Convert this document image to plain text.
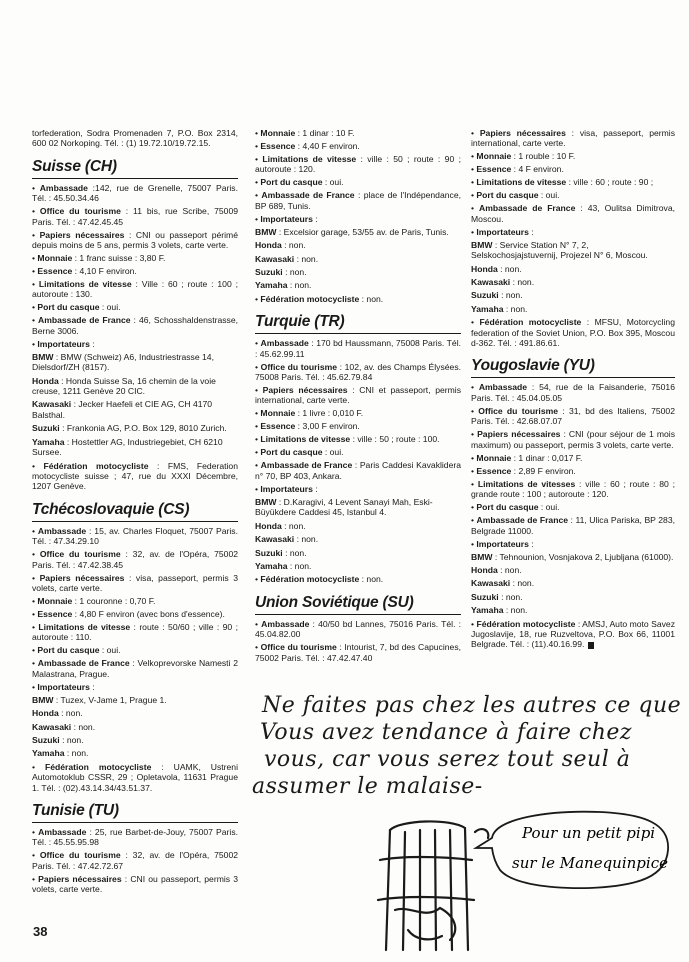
torfederation, Sodra Promenaden 7, P.O. Box 2314, 600 02 Norkoping. Tél. : (1) 19.72.10/19.72.15.

Suisse (CH)

• Ambassade :142, rue de Grenelle, 75007 Paris. Tél. : 45.50.34.46

• Office du tourisme : 11 bis, rue Scribe, 75009 Paris. Tél. : 47.42.45.45

• Papiers nécessaires : CNI ou passeport périmé depuis moins de 5 ans, permis 3 volets, carte verte.

• Monnaie : 1 franc suisse : 3,80 F.

• Essence : 4,10 F environ.

• Limitations de vitesse : Ville : 60 ; route : 100 ; autoroute : 130.

• Port du casque : oui.

• Ambassade de France : 46, Schosshaldenstrasse, Berne 3006.

• Importateurs :

BMW : BMW (Schweiz) A6, Industriestrasse 14, Dielsdorf/ZH (8157).

Honda : Honda Suisse Sa, 16 chemin de la voie creuse, 1211 Genève 20 CIC.

Kawasaki : Jecker Haefeli et CIE AG, CH 4170 Balsthal.

Suzuki : Frankonia AG, P.O. Box 129, 8010 Zurich.

Yamaha : Hostettler AG, Industriegebiet, CH 6210 Sursee.

• Fédération motocycliste : FMS, Federation motocycliste suisse ; 47, rue du XXXI Décembre, 1207 Genève.

Tchécoslovaquie (CS)

• Ambassade : 15, av. Charles Floquet, 75007 Paris. Tél. : 47.34.29.10

• Office du tourisme : 32, av. de l'Opéra, 75002 Paris. Tél. : 47.42.38.45

• Papiers nécessaires : visa, passeport, permis 3 volets, carte verte.

• Monnaie : 1 couronne : 0,70 F.

• Essence : 4,80 F environ (avec bons d'essence).

• Limitations de vitesse : route : 50/60 ; ville : 90 ; autoroute : 110.

• Port du casque : oui.

• Ambassade de France : Velkoprevorske Namesti 2 Malastrana, Prague.

• Importateurs :

BMW : Tuzex, V-Jame 1, Prague 1.

Honda : non.

Kawasaki : non.

Suzuki : non.

Yamaha : non.

• Fédération motocycliste : UAMK, Ustreni Automotoklub CSSR, 29 ; Opletavola, 11631 Prague 1. Tél. : (02).43.14.34/43.51.37.

Tunisie (TU)

• Ambassade : 25, rue Barbet-de-Jouy, 75007 Paris. Tél. : 45.55.95.98

• Office du tourisme : 32, av. de l'Opéra, 75002 Paris. Tél. : 47.42.72.67

• Papiers nécessaires : CNI ou passeport, permis 3 volets, carte verte.

• Monnaie : 1 dinar : 10 F.

• Essence : 4,40 F environ.

• Limitations de vitesse : ville : 50 ; route : 90 ; autoroute : 120.

• Port du casque : oui.

• Ambassade de France : place de l'Indépendance, BP 689, Tunis.

• Importateurs :

BMW : Excelsior garage, 53/55 av. de Paris, Tunis.

Honda : non.

Kawasaki : non.

Suzuki : non.

Yamaha : non.

• Fédération motocycliste : non.

Turquie (TR)

• Ambassade : 170 bd Haussmann, 75008 Paris. Tél. : 45.62.99.11

• Office du tourisme : 102, av. des Champs Élysées. 75008 Paris. Tél. : 45.62.79.84

• Papiers nécessaires : CNI et passeport, permis international, carte verte.

• Monnaie : 1 livre : 0,010 F.

• Essence : 3,00 F environ.

• Limitations de vitesse : ville : 50 ; route : 100.

• Port du casque : oui.

• Ambassade de France : Paris Caddesi Kavaklidera n° 70, BP 403, Ankara.

• Importateurs :

BMW : D.Karagivi, 4 Levent Sanayi Mah, Eski-Büyükdere Caddesi 45, Istanbul 4.

Honda : non.

Kawasaki : non.

Suzuki : non.

Yamaha : non.

• Fédération motocycliste : non.

Union Soviétique (SU)

• Ambassade : 40/50 bd Lannes, 75016 Paris. Tél. : 45.04.82.00

• Office du tourisme : Intourist, 7, bd des Capucines, 75002 Paris. Tél. : 47.42.47.40

• Papiers nécessaires : visa, passeport, permis international, carte verte.

• Monnaie : 1 rouble : 10 F.

• Essence : 4 F environ.

• Limitations de vitesse : ville : 60 ; route : 90 ;

• Port du casque : oui.

• Ambassade de France : 43, Oulitsa Dimitrova, Moscou.

• Importateurs :

BMW : Service Station N° 7, 2, Selskochosjajstuvernij, Projezel N° 6, Moscou.

Honda : non.

Kawasaki : non.

Suzuki : non.

Yamaha : non.

• Fédération motocycliste : MFSU, Motorcycling federation of the Soviet Union, P.O. Box 395, Moscou d-362. Tél. : 491.86.61.

Yougoslavie (YU)

• Ambassade : 54, rue de la Faisanderie, 75016 Paris. Tél. : 45.04.05.05

• Office du tourisme : 31, bd des Italiens, 75002 Paris. Tél. : 42.68.07.07

• Papiers nécessaires : CNI (pour séjour de 1 mois maximum) ou passeport, permis 3 volets, carte verte.

• Monnaie : 1 dinar : 0,017 F.

• Essence : 2,89 F environ.

• Limitations de vitesses : ville : 60 ; route : 80 ; grande route : 100 ; autoroute : 120.

• Port du casque : oui.

• Ambassade de France : 11, Ulica Pariska, BP 283, Belgrade 11000.

• Importateurs :

BMW : Tehnounion, Vosnjakova 2, Ljubljana (61000).

Honda : non.

Kawasaki : non.

Suzuki : non.

Yamaha : non.

• Fédération motocycliste : AMSJ, Auto moto Savez Jugoslavije, 18, rue Ruzveltova, P.O. Box 66, 11001 Belgrade. Tél. : (11).40.16.99.

Ne faites pas chez les autres ce que
Vous avez tendance à faire chez
vous, car vous serez tout seul à
assumer le malaise-
Pour un petit pipi
sur le Manequinpice
38
